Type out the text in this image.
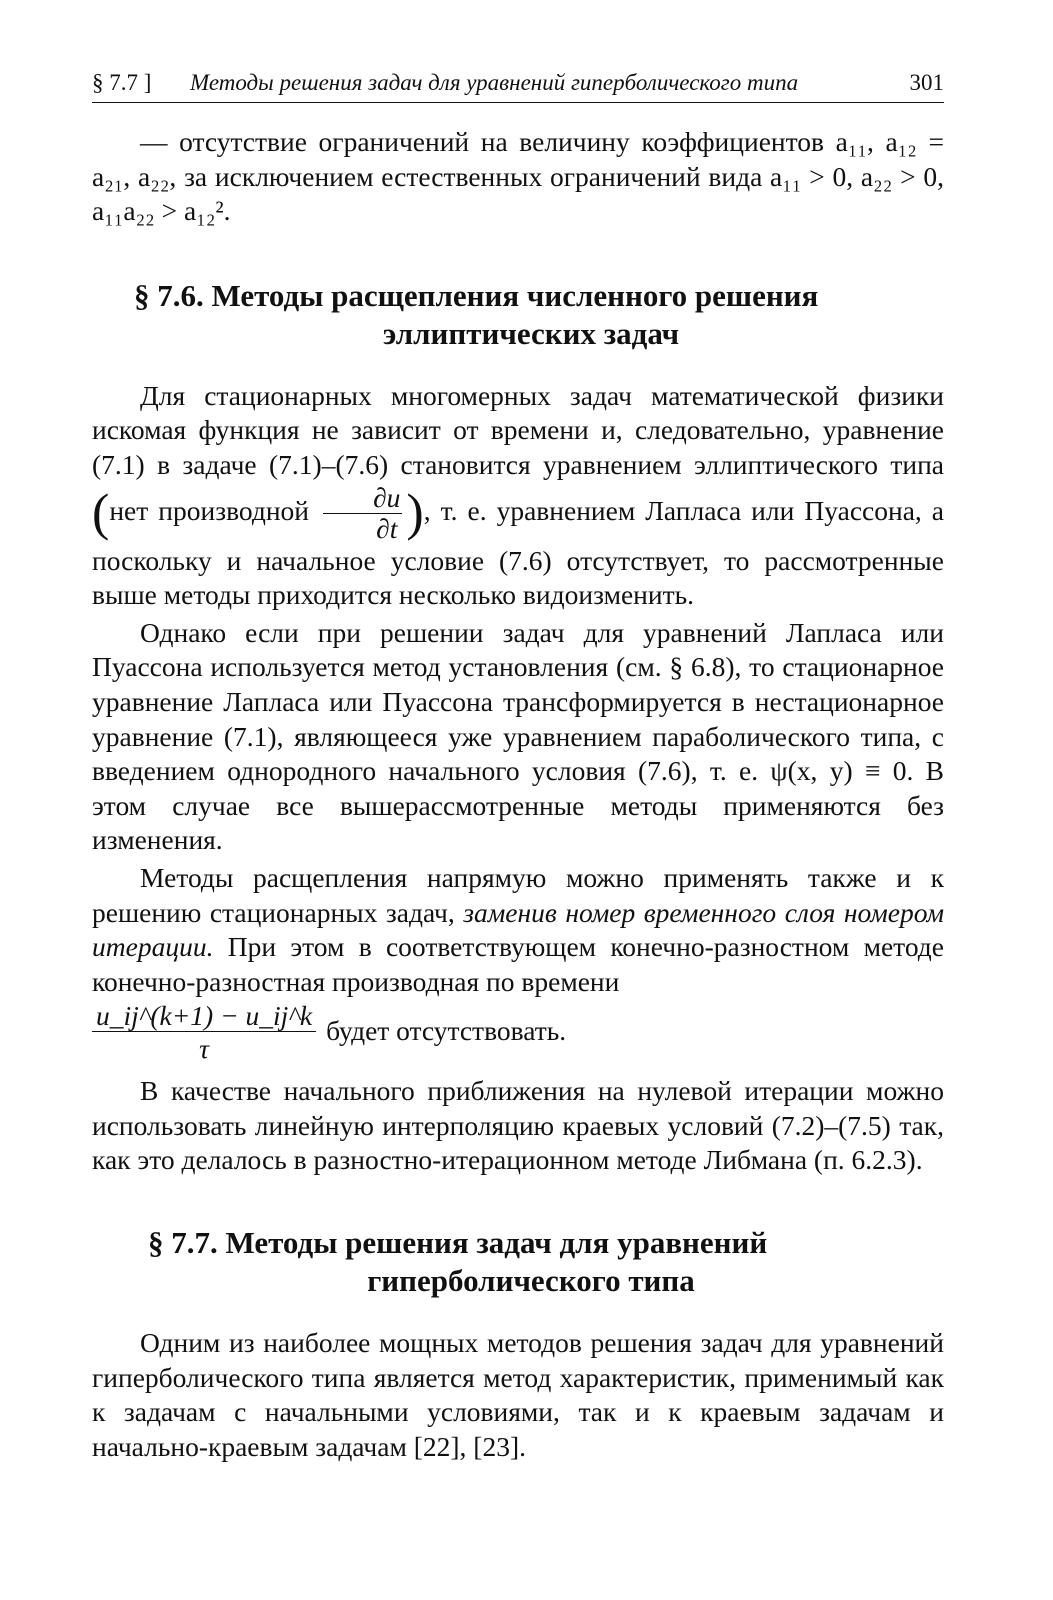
§ 7.7 ]	Методы решения задач для уравнений гиперболического типа	301

— отсутствие ограничений на величину коэффициентов a₁₁, a₁₂ = a₂₁, a₂₂, за исключением естественных ограничений вида a₁₁ > 0, a₂₂ > 0, a₁₁a₂₂ > a₁₂².

§ 7.6. Методы расщепления численного решения
эллиптических задач

Для стационарных многомерных задач математической физики искомая функция не зависит от времени и, следовательно, уравнение (7.1) в задаче (7.1)–(7.6) становится уравнением эллиптического типа (нет производной $\frac{\partial u}{\partial t}$ ), т. е. уравнением Лапласа или Пуассона, а поскольку и начальное условие (7.6) отсутствует, то рассмотренные выше методы приходится несколько видоизменить.

Однако если при решении задач для уравнений Лапласа или Пуассона используется метод установления (см. § 6.8), то стационарное уравнение Лапласа или Пуассона трансформируется в нестационарное уравнение (7.1), являющееся уже уравнением параболического типа, с введением однородного начального условия (7.6), т. е. ψ(x, y) ≡ 0. В этом случае все вышерассмотренные методы применяются без изменения.

Методы расщепления напрямую можно применять также и к решению стационарных задач, заменив номер временного слоя номером итерации. При этом в соответствующем конечно-разностном методе конечно-разностная производная по времени

$\frac{u\_ij\^{}(k+1) - u\_ij\^{}k}{\tau}$ будет отсутствовать.

В качестве начального приближения на нулевой итерации можно использовать линейную интерполяцию краевых условий (7.2)–(7.5) так, как это делалось в разностно-итерационном методе Либмана (п. 6.2.3).

§ 7.7. Методы решения задач для уравнений
гиперболического типа

Одним из наиболее мощных методов решения задач для уравнений гиперболического типа является метод характеристик, применимый как к задачам с начальными условиями, так и к краевым задачам и начально-краевым задачам [22], [23].
